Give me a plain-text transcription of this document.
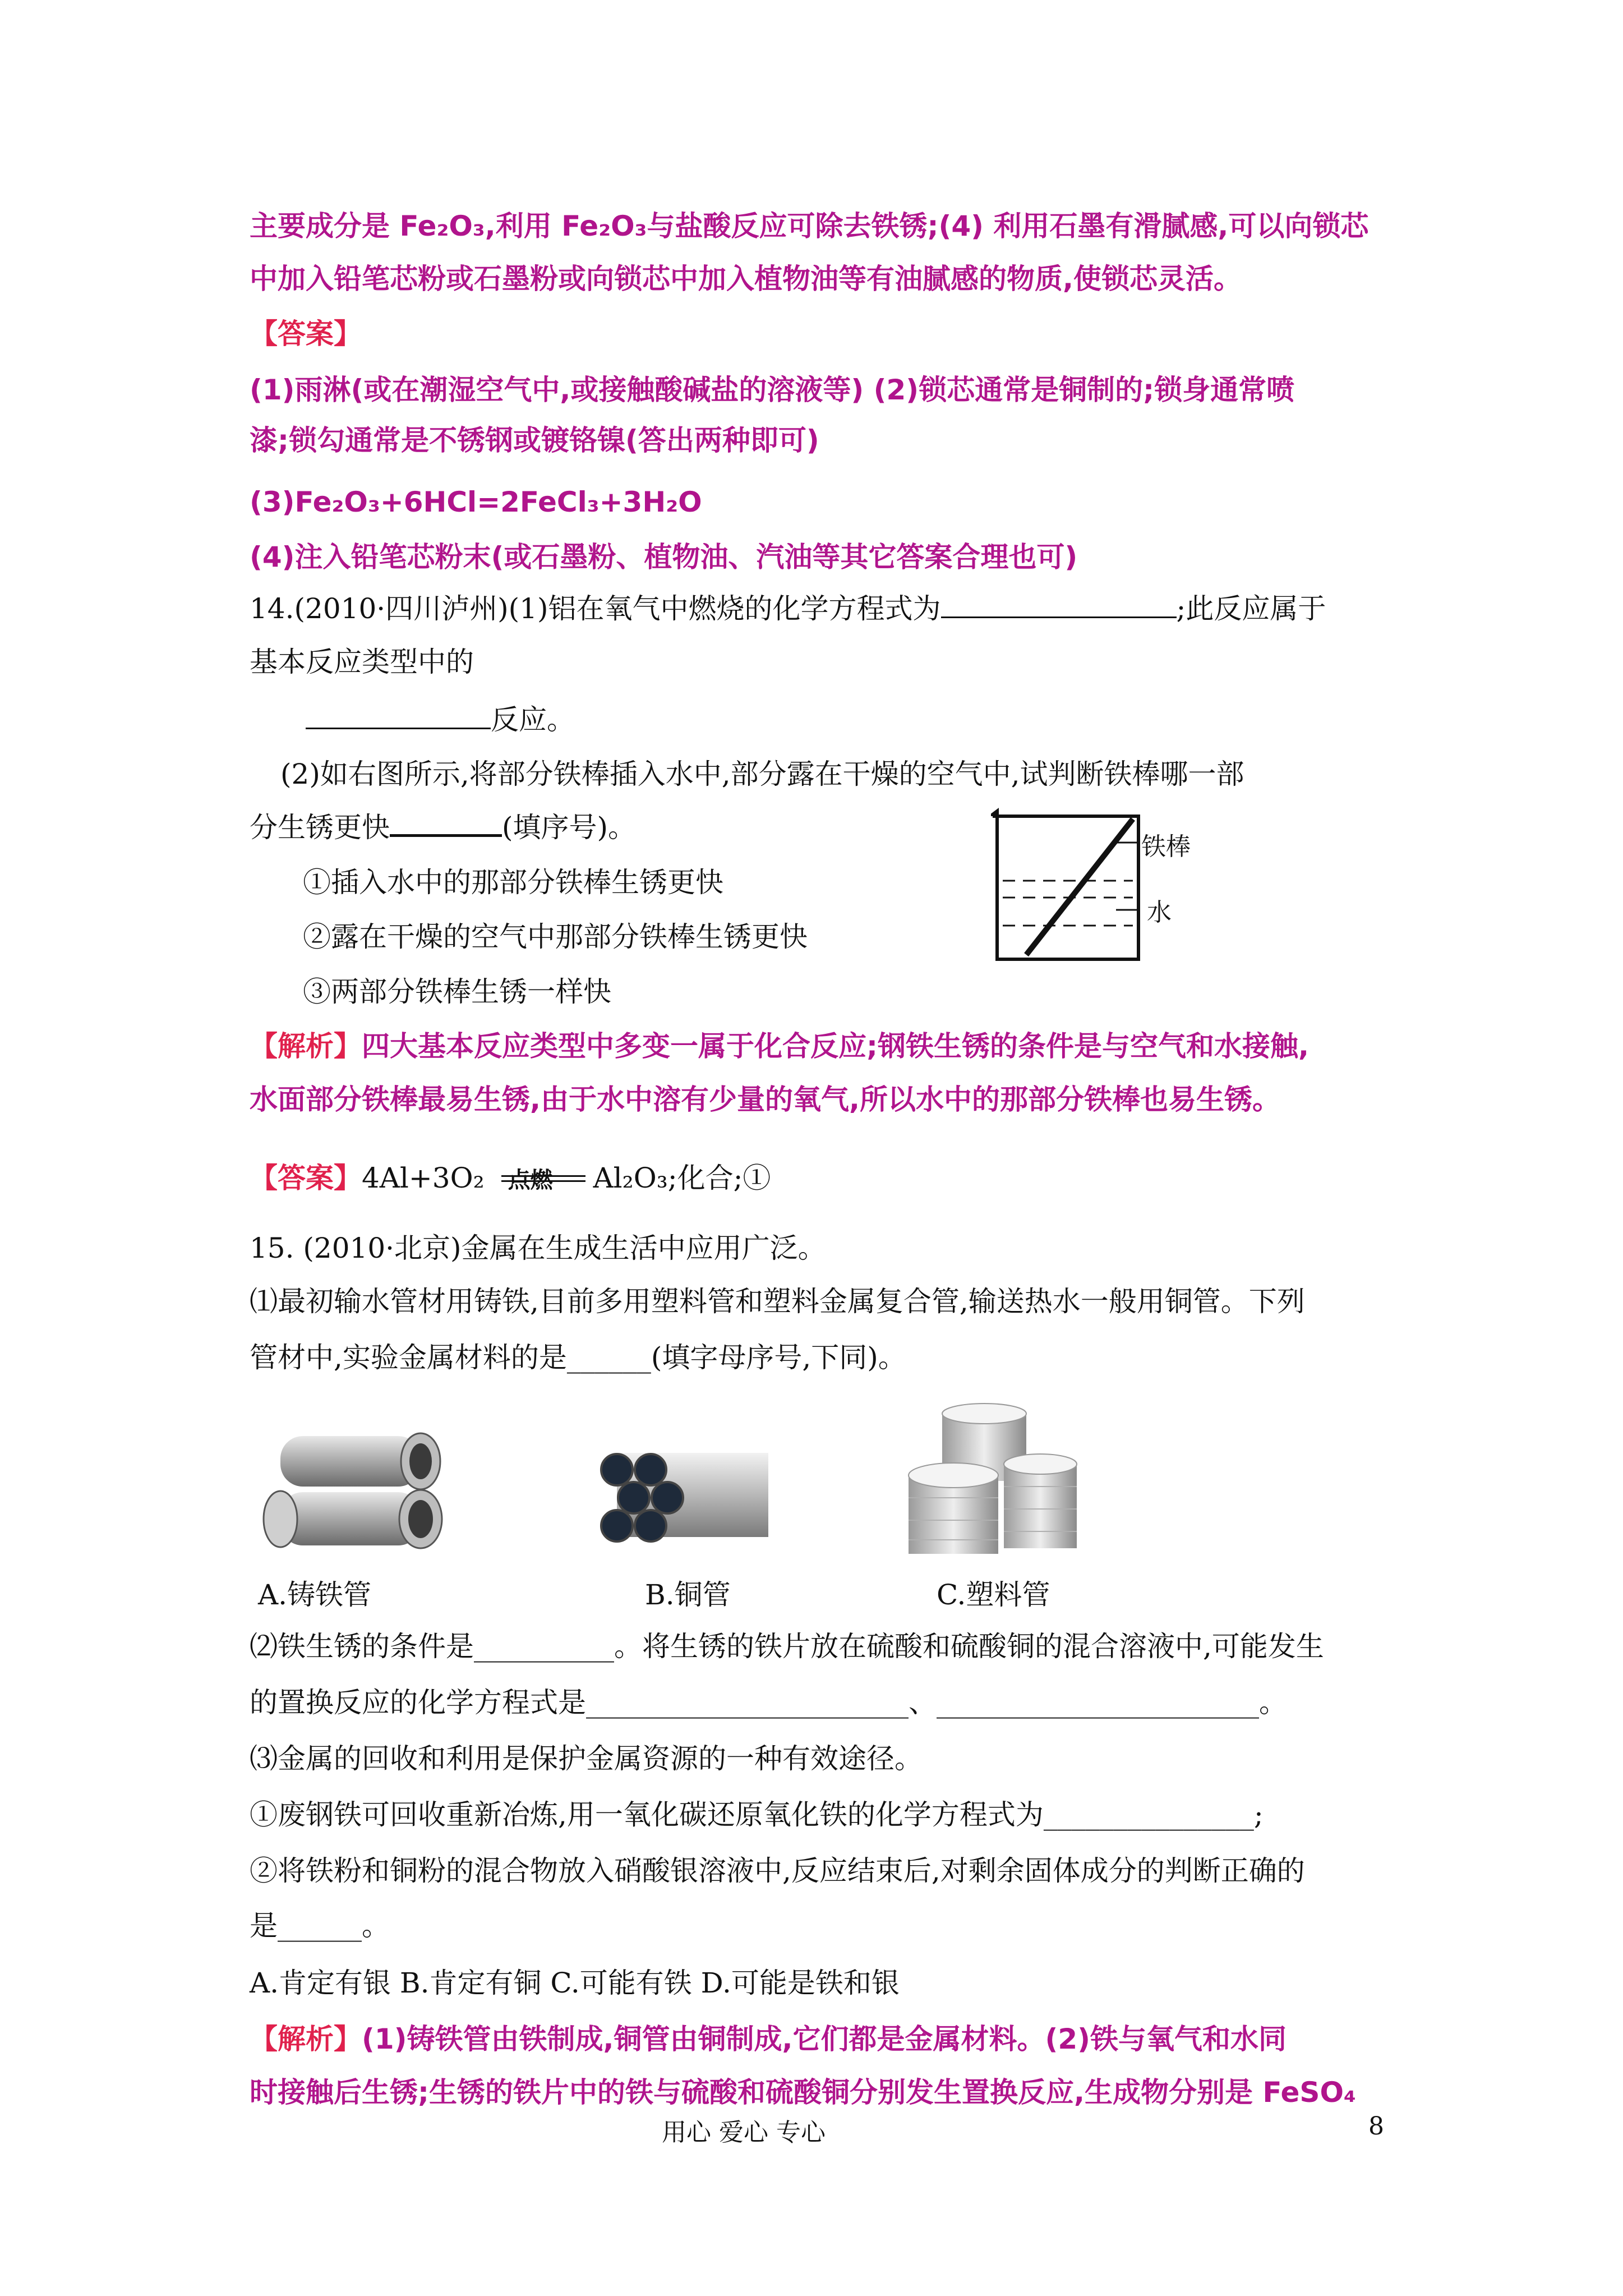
主要成分是 Fe₂O₃,利用 Fe₂O₃与盐酸反应可除去铁锈;(4) 利用石墨有滑腻感,可以向锁芯
中加入铅笔芯粉或石墨粉或向锁芯中加入植物油等有油腻感的物质,使锁芯灵活。
【答案】
(1)雨淋(或在潮湿空气中,或接触酸碱盐的溶液等) (2)锁芯通常是铜制的;锁身通常喷
漆;锁勾通常是不锈钢或镀铬镍(答出两种即可)
(3)Fe₂O₃+6HCl=2FeCl₃+3H₂O
(4)注入铅笔芯粉末(或石墨粉、植物油、汽油等其它答案合理也可)
14.(2010·四川泸州)(1)铝在氧气中燃烧的化学方程式为	;此反应属于
基本反应类型中的
反应。
(2)如右图所示,将部分铁棒插入水中,部分露在干燥的空气中,试判断铁棒哪一部
分生锈更快	(填序号)。
①插入水中的那部分铁棒生锈更快
②露在干燥的空气中那部分铁棒生锈更快
③两部分铁棒生锈一样快
铁棒
水
【解析】四大基本反应类型中多变一属于化合反应;钢铁生锈的条件是与空气和水接触,
水面部分铁棒最易生锈,由于水中溶有少量的氧气,所以水中的那部分铁棒也易生锈。
【答案】4Al+3O₂ 点燃 Al₂O₃;化合;①
15. (2010·北京)金属在生成生活中应用广泛。
⑴最初输水管材用铸铁,目前多用塑料管和塑料金属复合管,输送热水一般用铜管。下列
管材中,实验金属材料的是______(填字母序号,下同)。
A.铸铁管	B.铜管	C.塑料管
⑵铁生锈的条件是__________。将生锈的铁片放在硫酸和硫酸铜的混合溶液中,可能发生
的置换反应的化学方程式是_______________________、_______________________。
⑶金属的回收和利用是保护金属资源的一种有效途径。
①废钢铁可回收重新冶炼,用一氧化碳还原氧化铁的化学方程式为_______________;
②将铁粉和铜粉的混合物放入硝酸银溶液中,反应结束后,对剩余固体成分的判断正确的
是______。
A.肯定有银 B.肯定有铜 C.可能有铁 D.可能是铁和银
【解析】(1)铸铁管由铁制成,铜管由铜制成,它们都是金属材料。(2)铁与氧气和水同
时接触后生锈;生锈的铁片中的铁与硫酸和硫酸铜分别发生置换反应,生成物分别是 FeSO₄
用心 爱心 专心	8
